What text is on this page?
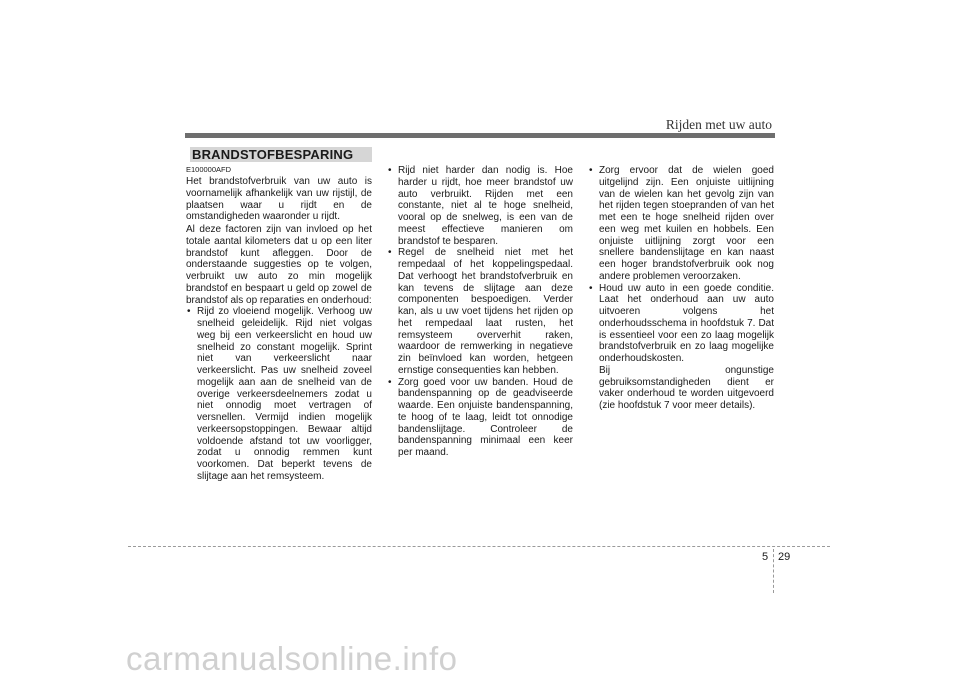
Rijden met uw auto
BRANDSTOFBESPARING

E100000AFD

Het brandstofverbruik van uw auto is voornamelijk afhankelijk van uw rijstijl, de plaatsen waar u rijdt en de omstandigheden waaronder u rijdt.

Al deze factoren zijn van invloed op het totale aantal kilometers dat u op een liter brandstof kunt afleggen. Door de onderstaande suggesties op te volgen, verbruikt uw auto zo min mogelijk brandstof en bespaart u geld op zowel de brandstof als op reparaties en onderhoud:

• Rijd zo vloeiend mogelijk. Verhoog uw snelheid geleidelijk. Rijd niet volgas weg bij een verkeerslicht en houd uw snelheid zo constant mogelijk. Sprint niet van verkeerslicht naar verkeerslicht. Pas uw snelheid zoveel mogelijk aan aan de snelheid van de overige verkeersdeelnemers zodat u niet onnodig moet vertragen of versnellen. Vermijd indien mogelijk verkeersopstoppingen. Bewaar altijd voldoende afstand tot uw voorligger, zodat u onnodig remmen kunt voorkomen. Dat beperkt tevens de slijtage aan het remsysteem.
• Rijd niet harder dan nodig is. Hoe harder u rijdt, hoe meer brandstof uw auto verbruikt. Rijden met een constante, niet al te hoge snelheid, vooral op de snelweg, is een van de meest effectieve manieren om brandstof te besparen.
• Regel de snelheid niet met het rempedaal of het koppelingspedaal. Dat verhoogt het brandstofverbruik en kan tevens de slijtage aan deze componenten bespoedigen. Verder kan, als u uw voet tijdens het rijden op het rempedaal laat rusten, het remsysteem oververhit raken, waardoor de remwerking in negatieve zin beïnvloed kan worden, hetgeen ernstige consequenties kan hebben.
• Zorg goed voor uw banden. Houd de bandenspanning op de geadviseerde waarde. Een onjuiste bandenspanning, te hoog of te laag, leidt tot onnodige bandenslijtage. Controleer de bandenspanning minimaal een keer per maand.
• Zorg ervoor dat de wielen goed uitgelijnd zijn. Een onjuiste uitlijning van de wielen kan het gevolg zijn van het rijden tegen stoepranden of van het met een te hoge snelheid rijden over een weg met kuilen en hobbels. Een onjuiste uitlijning zorgt voor een snellere bandenslijtage en kan naast een hoger brandstofverbruik ook nog andere problemen veroorzaken.
• Houd uw auto in een goede conditie. Laat het onderhoud aan uw auto uitvoeren volgens het onderhoudsschema in hoofdstuk 7. Dat is essentieel voor een zo laag mogelijk brandstofverbruik en zo laag mogelijke onderhoudskosten.

Bij ongunstige gebruiksomstandigheden dient er vaker onderhoud te worden uitgevoerd (zie hoofdstuk 7 voor meer details).

5 29
carmanualsonline.info
